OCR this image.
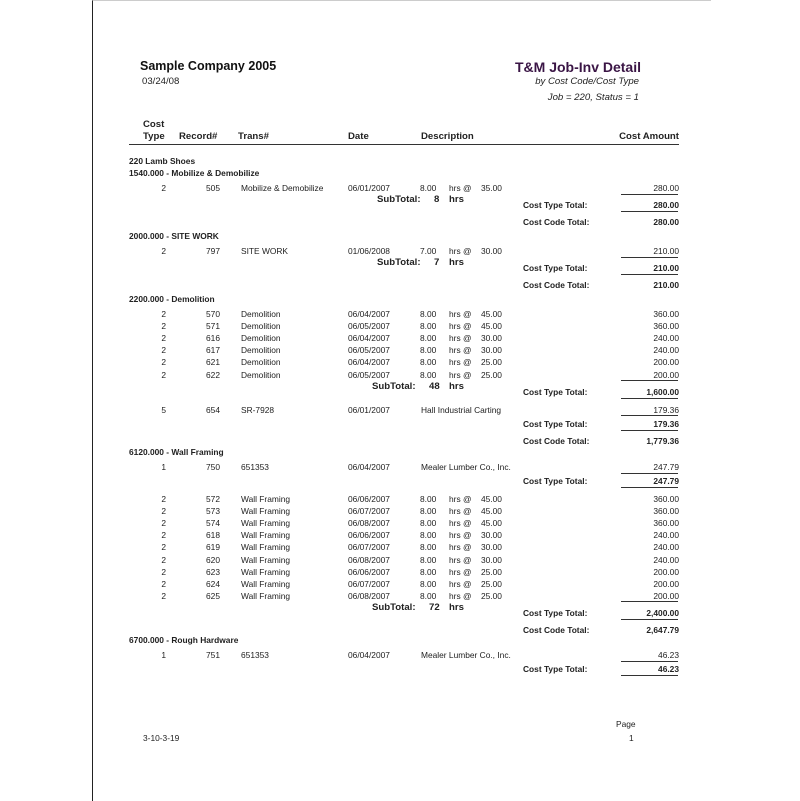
Sample Company 2005
03/24/08
T&M Job-Inv Detail
by Cost Code/Cost Type
Job = 220, Status = 1
Cost
Type Record# Trans#	Date	Description	Cost Amount
220 Lamb Shoes
1540.000 - Mobilize & Demobilize
2	505	Mobilize & Demobilize	06/01/2007	8.00 hrs @ 35.00	280.00
SubTotal: 8 hrs	Cost Type Total:	280.00
Cost Code Total:	280.00
2000.000 - SITE WORK
2	797	SITE WORK	01/06/2008	7.00 hrs @ 30.00	210.00
SubTotal: 7 hrs	Cost Type Total:	210.00
Cost Code Total:	210.00
2200.000 - Demolition
2	570	Demolition	06/04/2007	8.00 hrs @ 45.00	360.00
2	571	Demolition	06/05/2007	8.00 hrs @ 45.00	360.00
2	616	Demolition	06/04/2007	8.00 hrs @ 30.00	240.00
2	617	Demolition	06/05/2007	8.00 hrs @ 30.00	240.00
2	621	Demolition	06/04/2007	8.00 hrs @ 25.00	200.00
2	622	Demolition	06/05/2007	8.00 hrs @ 25.00	200.00
SubTotal: 48 hrs	Cost Type Total:	1,600.00
5	654	SR-7928	06/01/2007	Hall Industrial Carting	179.36
Cost Type Total:	179.36
Cost Code Total:	1,779.36
6120.000 - Wall Framing
1	750	651353	06/04/2007	Mealer Lumber Co., Inc.	247.79
Cost Type Total:	247.79
2	572	Wall Framing	06/06/2007	8.00 hrs @ 45.00	360.00
2	573	Wall Framing	06/07/2007	8.00 hrs @ 45.00	360.00
2	574	Wall Framing	06/08/2007	8.00 hrs @ 45.00	360.00
2	618	Wall Framing	06/06/2007	8.00 hrs @ 30.00	240.00
2	619	Wall Framing	06/07/2007	8.00 hrs @ 30.00	240.00
2	620	Wall Framing	06/08/2007	8.00 hrs @ 30.00	240.00
2	623	Wall Framing	06/06/2007	8.00 hrs @ 25.00	200.00
2	624	Wall Framing	06/07/2007	8.00 hrs @ 25.00	200.00
2	625	Wall Framing	06/08/2007	8.00 hrs @ 25.00	200.00
SubTotal: 72 hrs	Cost Type Total:	2,400.00
Cost Code Total:	2,647.79
6700.000 - Rough Hardware
1	751	651353	06/04/2007	Mealer Lumber Co., Inc.	46.23
Cost Type Total:	46.23
3-10-3-19
Page
1
